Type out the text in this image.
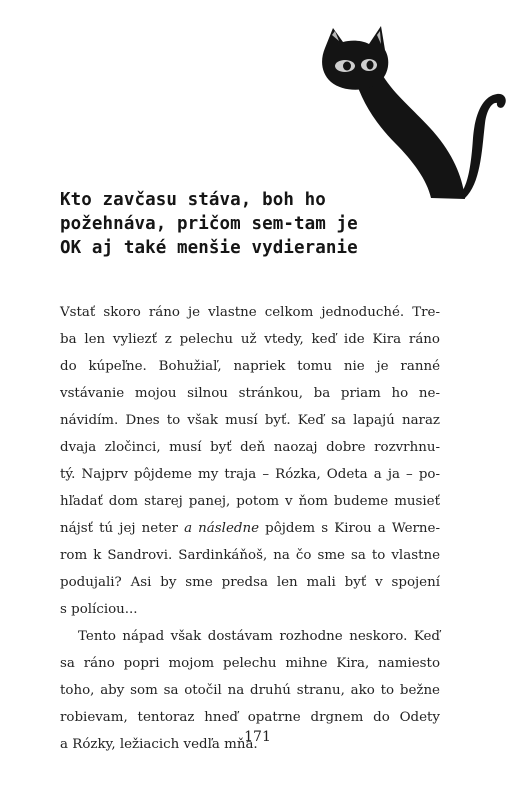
Kto zavčasu stáva, boh ho
požehnáva, pričom sem-tam je
OK aj také menšie vydieranie
Vstať skoro ráno je vlastne celkom jednoduché. Tre-
ba len vyliezť z pelechu už vtedy, keď ide Kira ráno
do kúpeľne. Bohužiaľ, napriek tomu nie je ranné
vstávanie mojou silnou stránkou, ba priam ho ne-
návidím. Dnes to však musí byť. Keď sa lapajú naraz
dvaja zločinci, musí byť deň naozaj dobre rozvrhnu-
tý. Najprv pôjdeme my traja – Rózka, Odeta a ja – po-
hľadať dom starej panej, potom v ňom budeme musieť
nájsť tú jej neter a následne pôjdem s Kirou a Werne-
rom k Sandrovi. Sardinkáňoš, na čo sme sa to vlastne
podujali? Asi by sme predsa len mali byť v spojení
s políciou...
Tento nápad však dostávam rozhodne neskoro. Keď
sa ráno popri mojom pelechu mihne Kira, namiesto
toho, aby som sa otočil na druhú stranu, ako to bežne
robievam, tentoraz hneď opatrne drgnem do Odety
a Rózky, ležiacich vedľa mňa.
171
